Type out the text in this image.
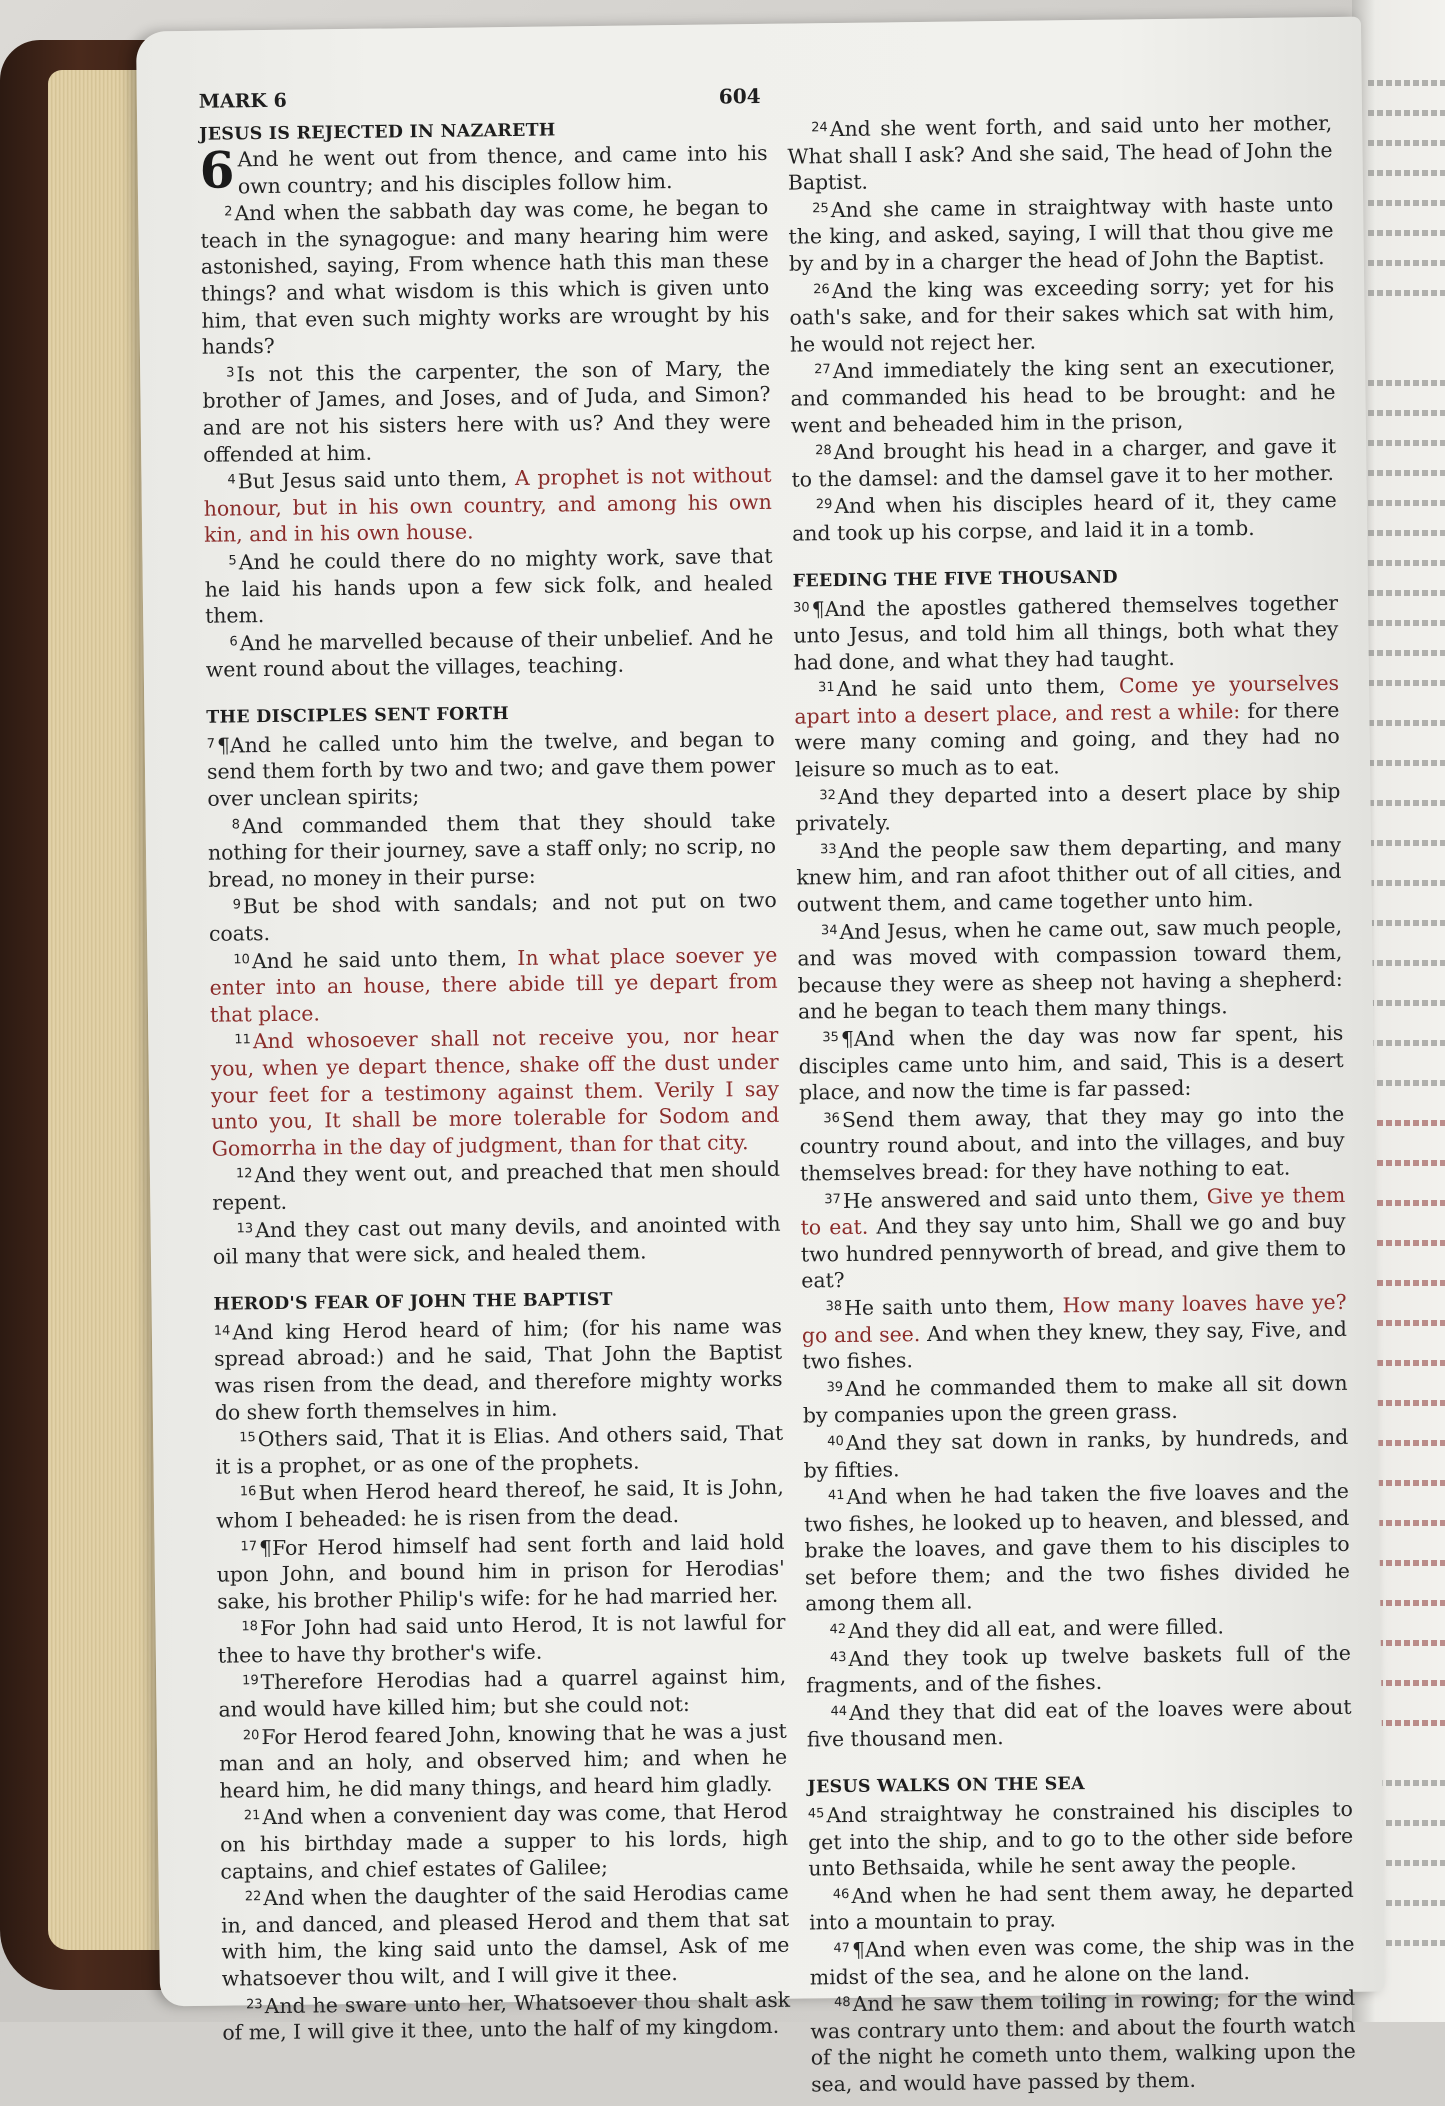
MARK 6	604

JESUS IS REJECTED IN NAZARETH

6 And he went out from thence, and came into his own country; and his disciples follow him.

$^2$And when the sabbath day was come, he began to teach in the synagogue: and many hearing him were astonished, saying, From whence hath this man these things? and what wisdom is this which is given unto him, that even such mighty works are wrought by his hands?

$^3$Is not this the carpenter, the son of Mary, the brother of James, and Joses, and of Juda, and Simon? and are not his sisters here with us? And they were offended at him.

$^4$But Jesus said unto them, A prophet is not without honour, but in his own country, and among his own kin, and in his own house.

$^5$And he could there do no mighty work, save that he laid his hands upon a few sick folk, and healed them.

$^6$And he marvelled because of their unbelief. And he went round about the villages, teaching.

THE DISCIPLES SENT FORTH

$^7$¶And he called unto him the twelve, and began to send them forth by two and two; and gave them power over unclean spirits;

$^8$And commanded them that they should take nothing for their journey, save a staff only; no scrip, no bread, no money in their purse:

$^9$But be shod with sandals; and not put on two coats.

$^{10}$And he said unto them, In what place soever ye enter into an house, there abide till ye depart from that place.

$^{11}$And whosoever shall not receive you, nor hear you, when ye depart thence, shake off the dust under your feet for a testimony against them. Verily I say unto you, It shall be more tolerable for Sodom and Gomorrha in the day of judgment, than for that city.

$^{12}$And they went out, and preached that men should repent.

$^{13}$And they cast out many devils, and anointed with oil many that were sick, and healed them.

HEROD'S FEAR OF JOHN THE BAPTIST

$^{14}$And king Herod heard of him; (for his name was spread abroad:) and he said, That John the Baptist was risen from the dead, and therefore mighty works do shew forth themselves in him.

$^{15}$Others said, That it is Elias. And others said, That it is a prophet, or as one of the prophets.

$^{16}$But when Herod heard thereof, he said, It is John, whom I beheaded: he is risen from the dead.

$^{17}$¶For Herod himself had sent forth and laid hold upon John, and bound him in prison for Herodias' sake, his brother Philip's wife: for he had married her.

$^{18}$For John had said unto Herod, It is not lawful for thee to have thy brother's wife.

$^{19}$Therefore Herodias had a quarrel against him, and would have killed him; but she could not:

$^{20}$For Herod feared John, knowing that he was a just man and an holy, and observed him; and when he heard him, he did many things, and heard him gladly.

$^{21}$And when a convenient day was come, that Herod on his birthday made a supper to his lords, high captains, and chief estates of Galilee;

$^{22}$And when the daughter of the said Herodias came in, and danced, and pleased Herod and them that sat with him, the king said unto the damsel, Ask of me whatsoever thou wilt, and I will give it thee.

$^{23}$And he sware unto her, Whatsoever thou shalt ask of me, I will give it thee, unto the half of my kingdom.

$^{24}$And she went forth, and said unto her mother, What shall I ask? And she said, The head of John the Baptist.

$^{25}$And she came in straightway with haste unto the king, and asked, saying, I will that thou give me by and by in a charger the head of John the Baptist.

$^{26}$And the king was exceeding sorry; yet for his oath's sake, and for their sakes which sat with him, he would not reject her.

$^{27}$And immediately the king sent an executioner, and commanded his head to be brought: and he went and beheaded him in the prison,

$^{28}$And brought his head in a charger, and gave it to the damsel: and the damsel gave it to her mother.

$^{29}$And when his disciples heard of it, they came and took up his corpse, and laid it in a tomb.

FEEDING THE FIVE THOUSAND

$^{30}$¶And the apostles gathered themselves together unto Jesus, and told him all things, both what they had done, and what they had taught.

$^{31}$And he said unto them, Come ye yourselves apart into a desert place, and rest a while: for there were many coming and going, and they had no leisure so much as to eat.

$^{32}$And they departed into a desert place by ship privately.

$^{33}$And the people saw them departing, and many knew him, and ran afoot thither out of all cities, and outwent them, and came together unto him.

$^{34}$And Jesus, when he came out, saw much people, and was moved with compassion toward them, because they were as sheep not having a shepherd: and he began to teach them many things.

$^{35}$¶And when the day was now far spent, his disciples came unto him, and said, This is a desert place, and now the time is far passed:

$^{36}$Send them away, that they may go into the country round about, and into the villages, and buy themselves bread: for they have nothing to eat.

$^{37}$He answered and said unto them, Give ye them to eat. And they say unto him, Shall we go and buy two hundred pennyworth of bread, and give them to eat?

$^{38}$He saith unto them, How many loaves have ye? go and see. And when they knew, they say, Five, and two fishes.

$^{39}$And he commanded them to make all sit down by companies upon the green grass.

$^{40}$And they sat down in ranks, by hundreds, and by fifties.

$^{41}$And when he had taken the five loaves and the two fishes, he looked up to heaven, and blessed, and brake the loaves, and gave them to his disciples to set before them; and the two fishes divided he among them all.

$^{42}$And they did all eat, and were filled.

$^{43}$And they took up twelve baskets full of the fragments, and of the fishes.

$^{44}$And they that did eat of the loaves were about five thousand men.

JESUS WALKS ON THE SEA

$^{45}$And straightway he constrained his disciples to get into the ship, and to go to the other side before unto Bethsaida, while he sent away the people.

$^{46}$And when he had sent them away, he departed into a mountain to pray.

$^{47}$¶And when even was come, the ship was in the midst of the sea, and he alone on the land.

$^{48}$And he saw them toiling in rowing; for the wind was contrary unto them: and about the fourth watch of the night he cometh unto them, walking upon the sea, and would have passed by them.
